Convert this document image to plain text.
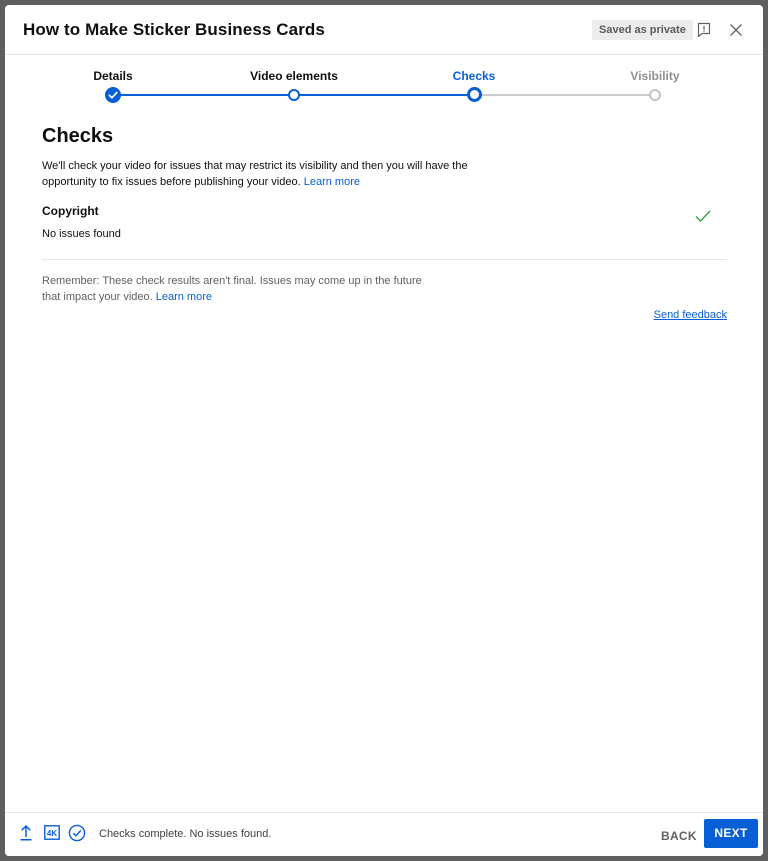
How to Make Sticker Business Cards	Saved as private
Details	Video elements	Checks	Visibility
Checks
We'll check your video for issues that may restrict its visibility and then you will have the opportunity to fix issues before publishing your video. Learn more
Copyright
No issues found
Remember: These check results aren't final. Issues may come up in the future that impact your video. Learn more
Send feedback
4K	Checks complete. No issues found.	BACK	NEXT
